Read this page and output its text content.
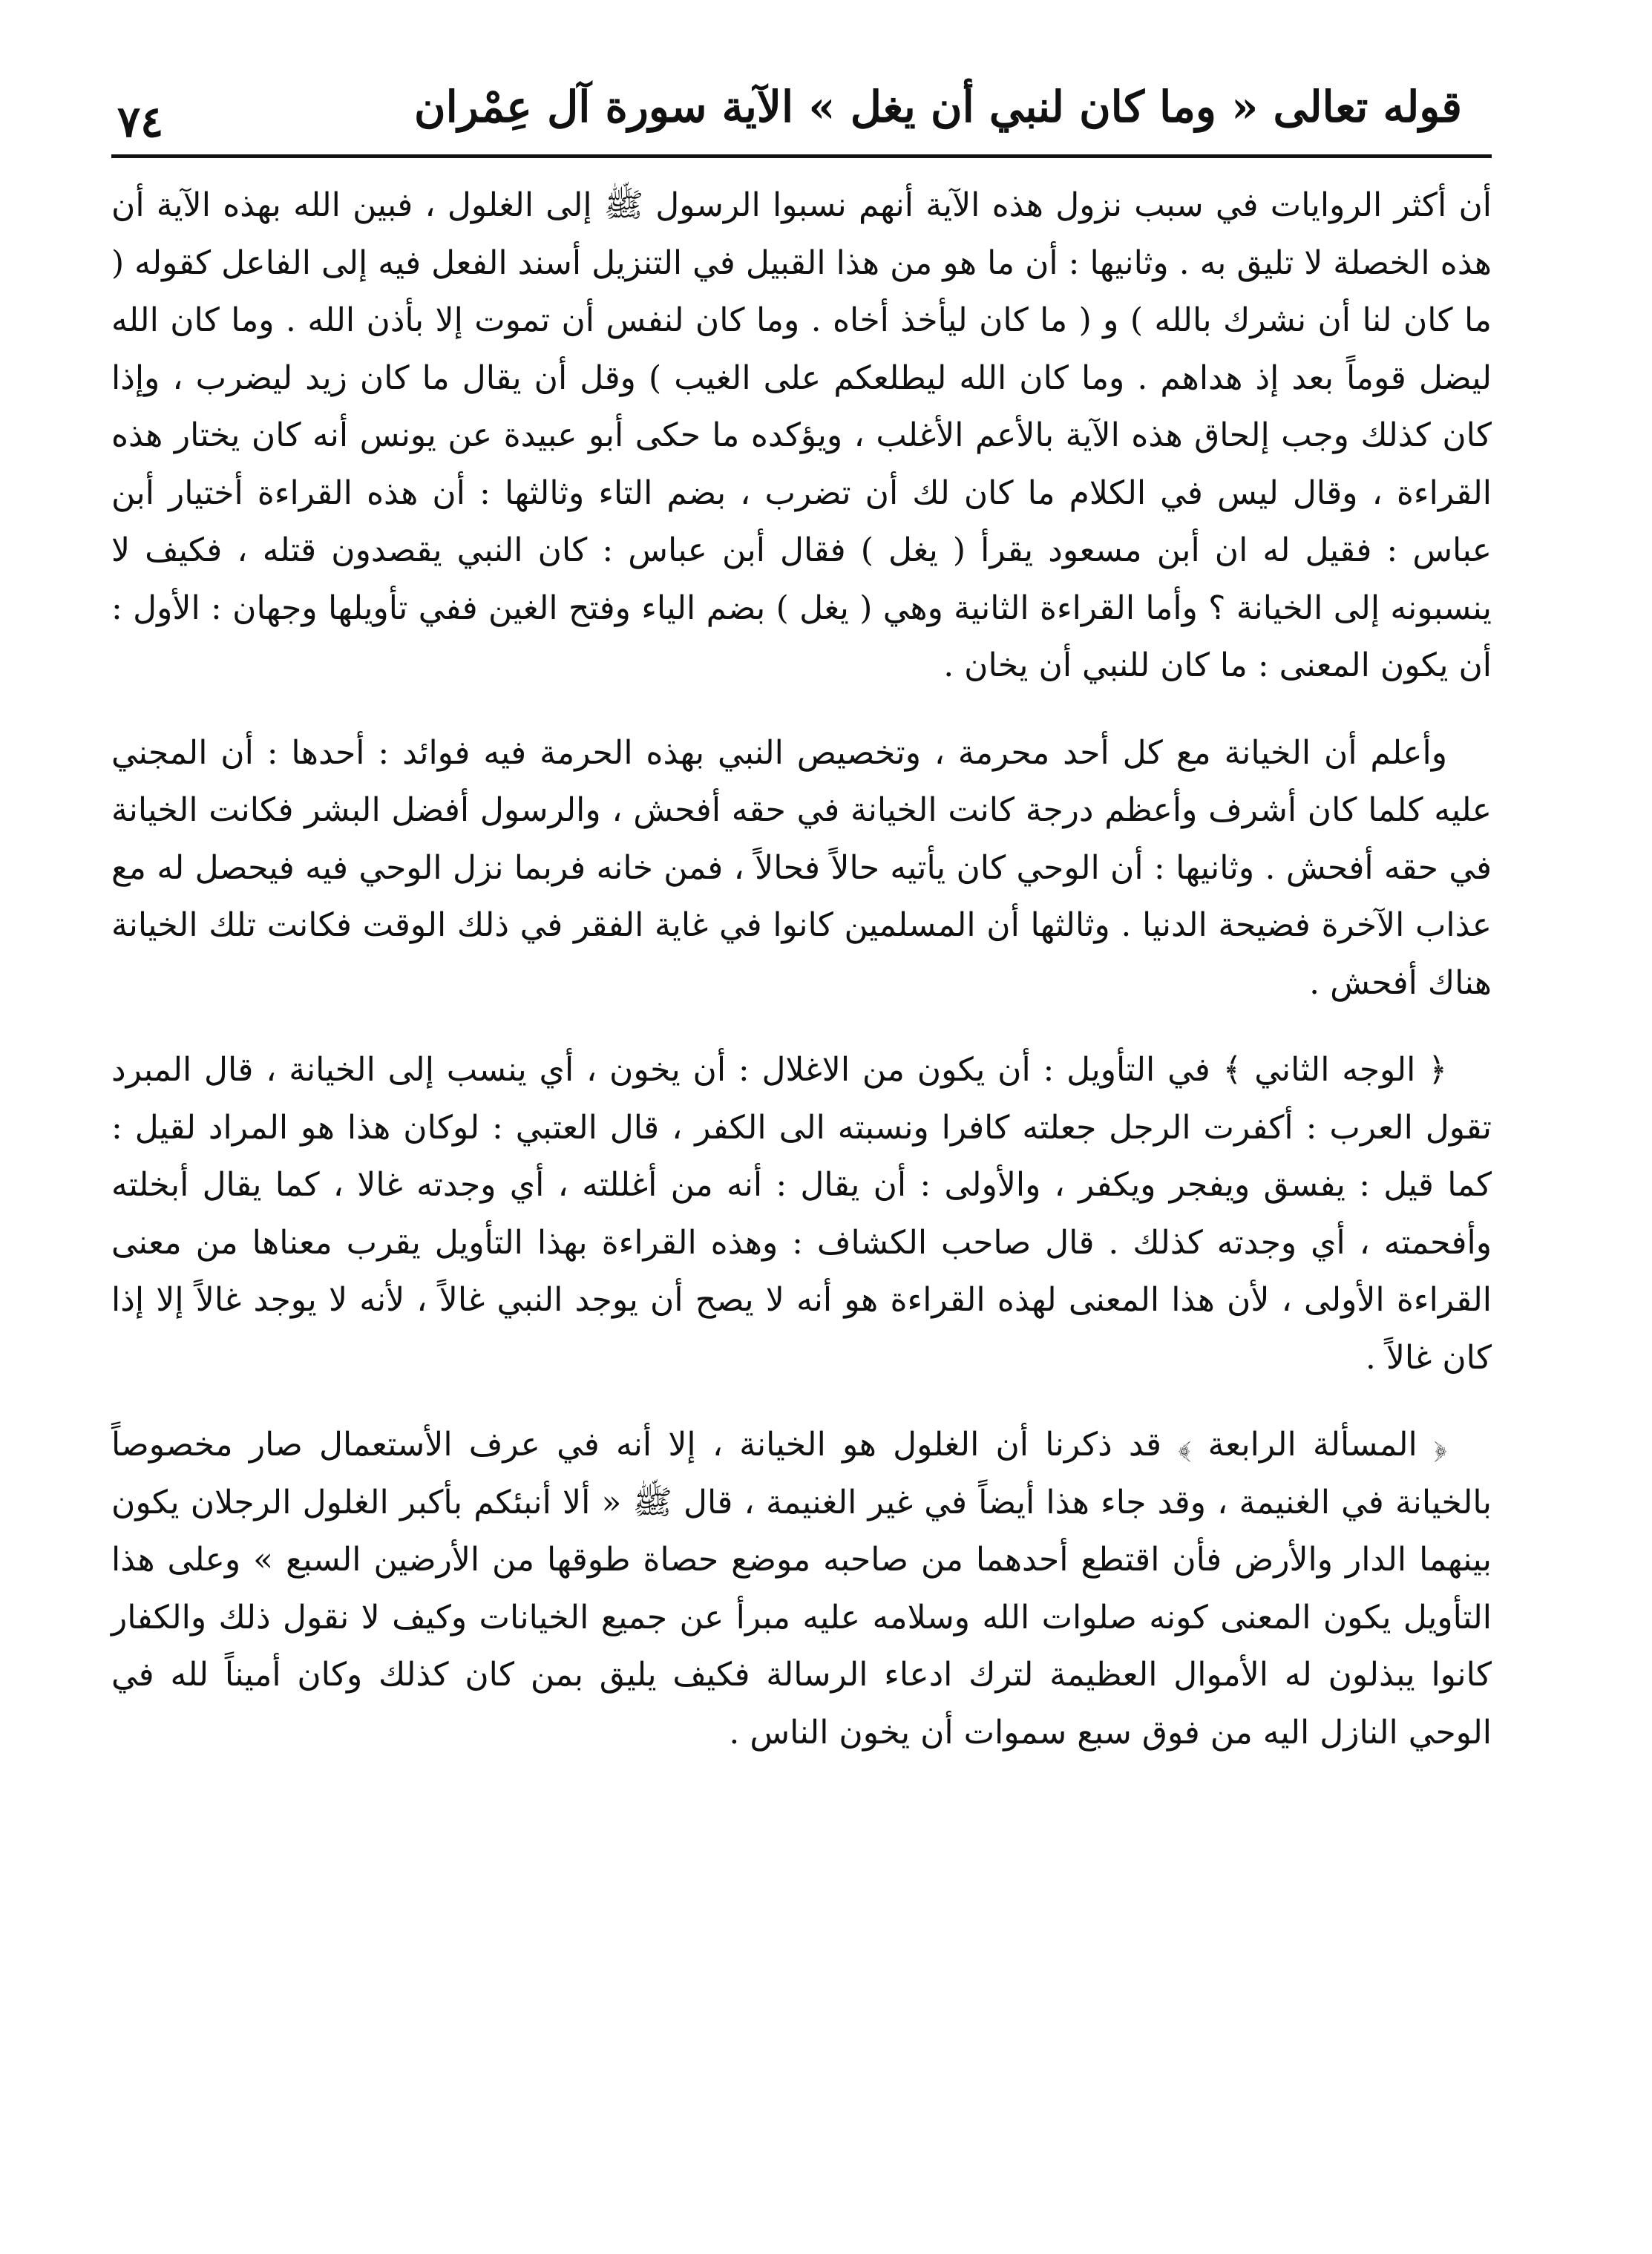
قوله تعالى « وما كان لنبي أن يغل » الآية سورة آل عِمْران
٧٤

أن أكثر الروايات في سبب نزول هذه الآية أنهم نسبوا الرسول ﷺ إلى الغلول ، فبين الله بهذه الآية أن هذه الخصلة لا تليق به . وثانيها : أن ما هو من هذا القبيل في التنزيل أسند الفعل فيه إلى الفاعل كقوله ( ما كان لنا أن نشرك بالله ) و ( ما كان ليأخذ أخاه . وما كان لنفس أن تموت إلا بأذن الله . وما كان الله ليضل قوماً بعد إذ هداهم . وما كان الله ليطلعكم على الغيب ) وقل أن يقال ما كان زيد ليضرب ، وإذا كان كذلك وجب إلحاق هذه الآية بالأعم الأغلب ، ويؤكده ما حكى أبو عبيدة عن يونس أنه كان يختار هذه القراءة ، وقال ليس في الكلام ما كان لك أن تضرب ، بضم التاء وثالثها : أن هذه القراءة أختيار أبن عباس : فقيل له ان أبن مسعود يقرأ ( يغل ) فقال أبن عباس : كان النبي يقصدون قتله ، فكيف لا ينسبونه إلى الخيانة ؟ وأما القراءة الثانية وهي ( يغل ) بضم الياء وفتح الغين ففي تأويلها وجهان : الأول : أن يكون المعنى : ما كان للنبي أن يخان .

وأعلم أن الخيانة مع كل أحد محرمة ، وتخصيص النبي بهذه الحرمة فيه فوائد : أحدها : أن المجني عليه كلما كان أشرف وأعظم درجة كانت الخيانة في حقه أفحش ، والرسول أفضل البشر فكانت الخيانة في حقه أفحش . وثانيها : أن الوحي كان يأتيه حالاً فحالاً ، فمن خانه فربما نزل الوحي فيه فيحصل له مع عذاب الآخرة فضيحة الدنيا . وثالثها أن المسلمين كانوا في غاية الفقر في ذلك الوقت فكانت تلك الخيانة هناك أفحش .

﴿ الوجه الثاني ﴾ في التأويل : أن يكون من الاغلال : أن يخون ، أي ينسب إلى الخيانة ، قال المبرد تقول العرب : أكفرت الرجل جعلته كافرا ونسبته الى الكفر ، قال العتبي : لوكان هذا هو المراد لقيل : كما قيل : يفسق ويفجر ويكفر ، والأولى : أن يقال : أنه من أغللته ، أي وجدته غالا ، كما يقال أبخلته وأفحمته ، أي وجدته كذلك . قال صاحب الكشاف : وهذه القراءة بهذا التأويل يقرب معناها من معنى القراءة الأولى ، لأن هذا المعنى لهذه القراءة هو أنه لا يصح أن يوجد النبي غالاً ، لأنه لا يوجد غالاً إلا إذا كان غالاً .

﴿ المسألة الرابعة ﴾ قد ذكرنا أن الغلول هو الخيانة ، إلا أنه في عرف الأستعمال صار مخصوصاً بالخيانة في الغنيمة ، وقد جاء هذا أيضاً في غير الغنيمة ، قال ﷺ « ألا أنبئكم بأكبر الغلول الرجلان يكون بينهما الدار والأرض فأن اقتطع أحدهما من صاحبه موضع حصاة طوقها من الأرضين السبع » وعلى هذا التأويل يكون المعنى كونه صلوات الله وسلامه عليه مبرأ عن جميع الخيانات وكيف لا نقول ذلك والكفار كانوا يبذلون له الأموال العظيمة لترك ادعاء الرسالة فكيف يليق بمن كان كذلك وكان أميناً لله في الوحي النازل اليه من فوق سبع سموات أن يخون الناس .
